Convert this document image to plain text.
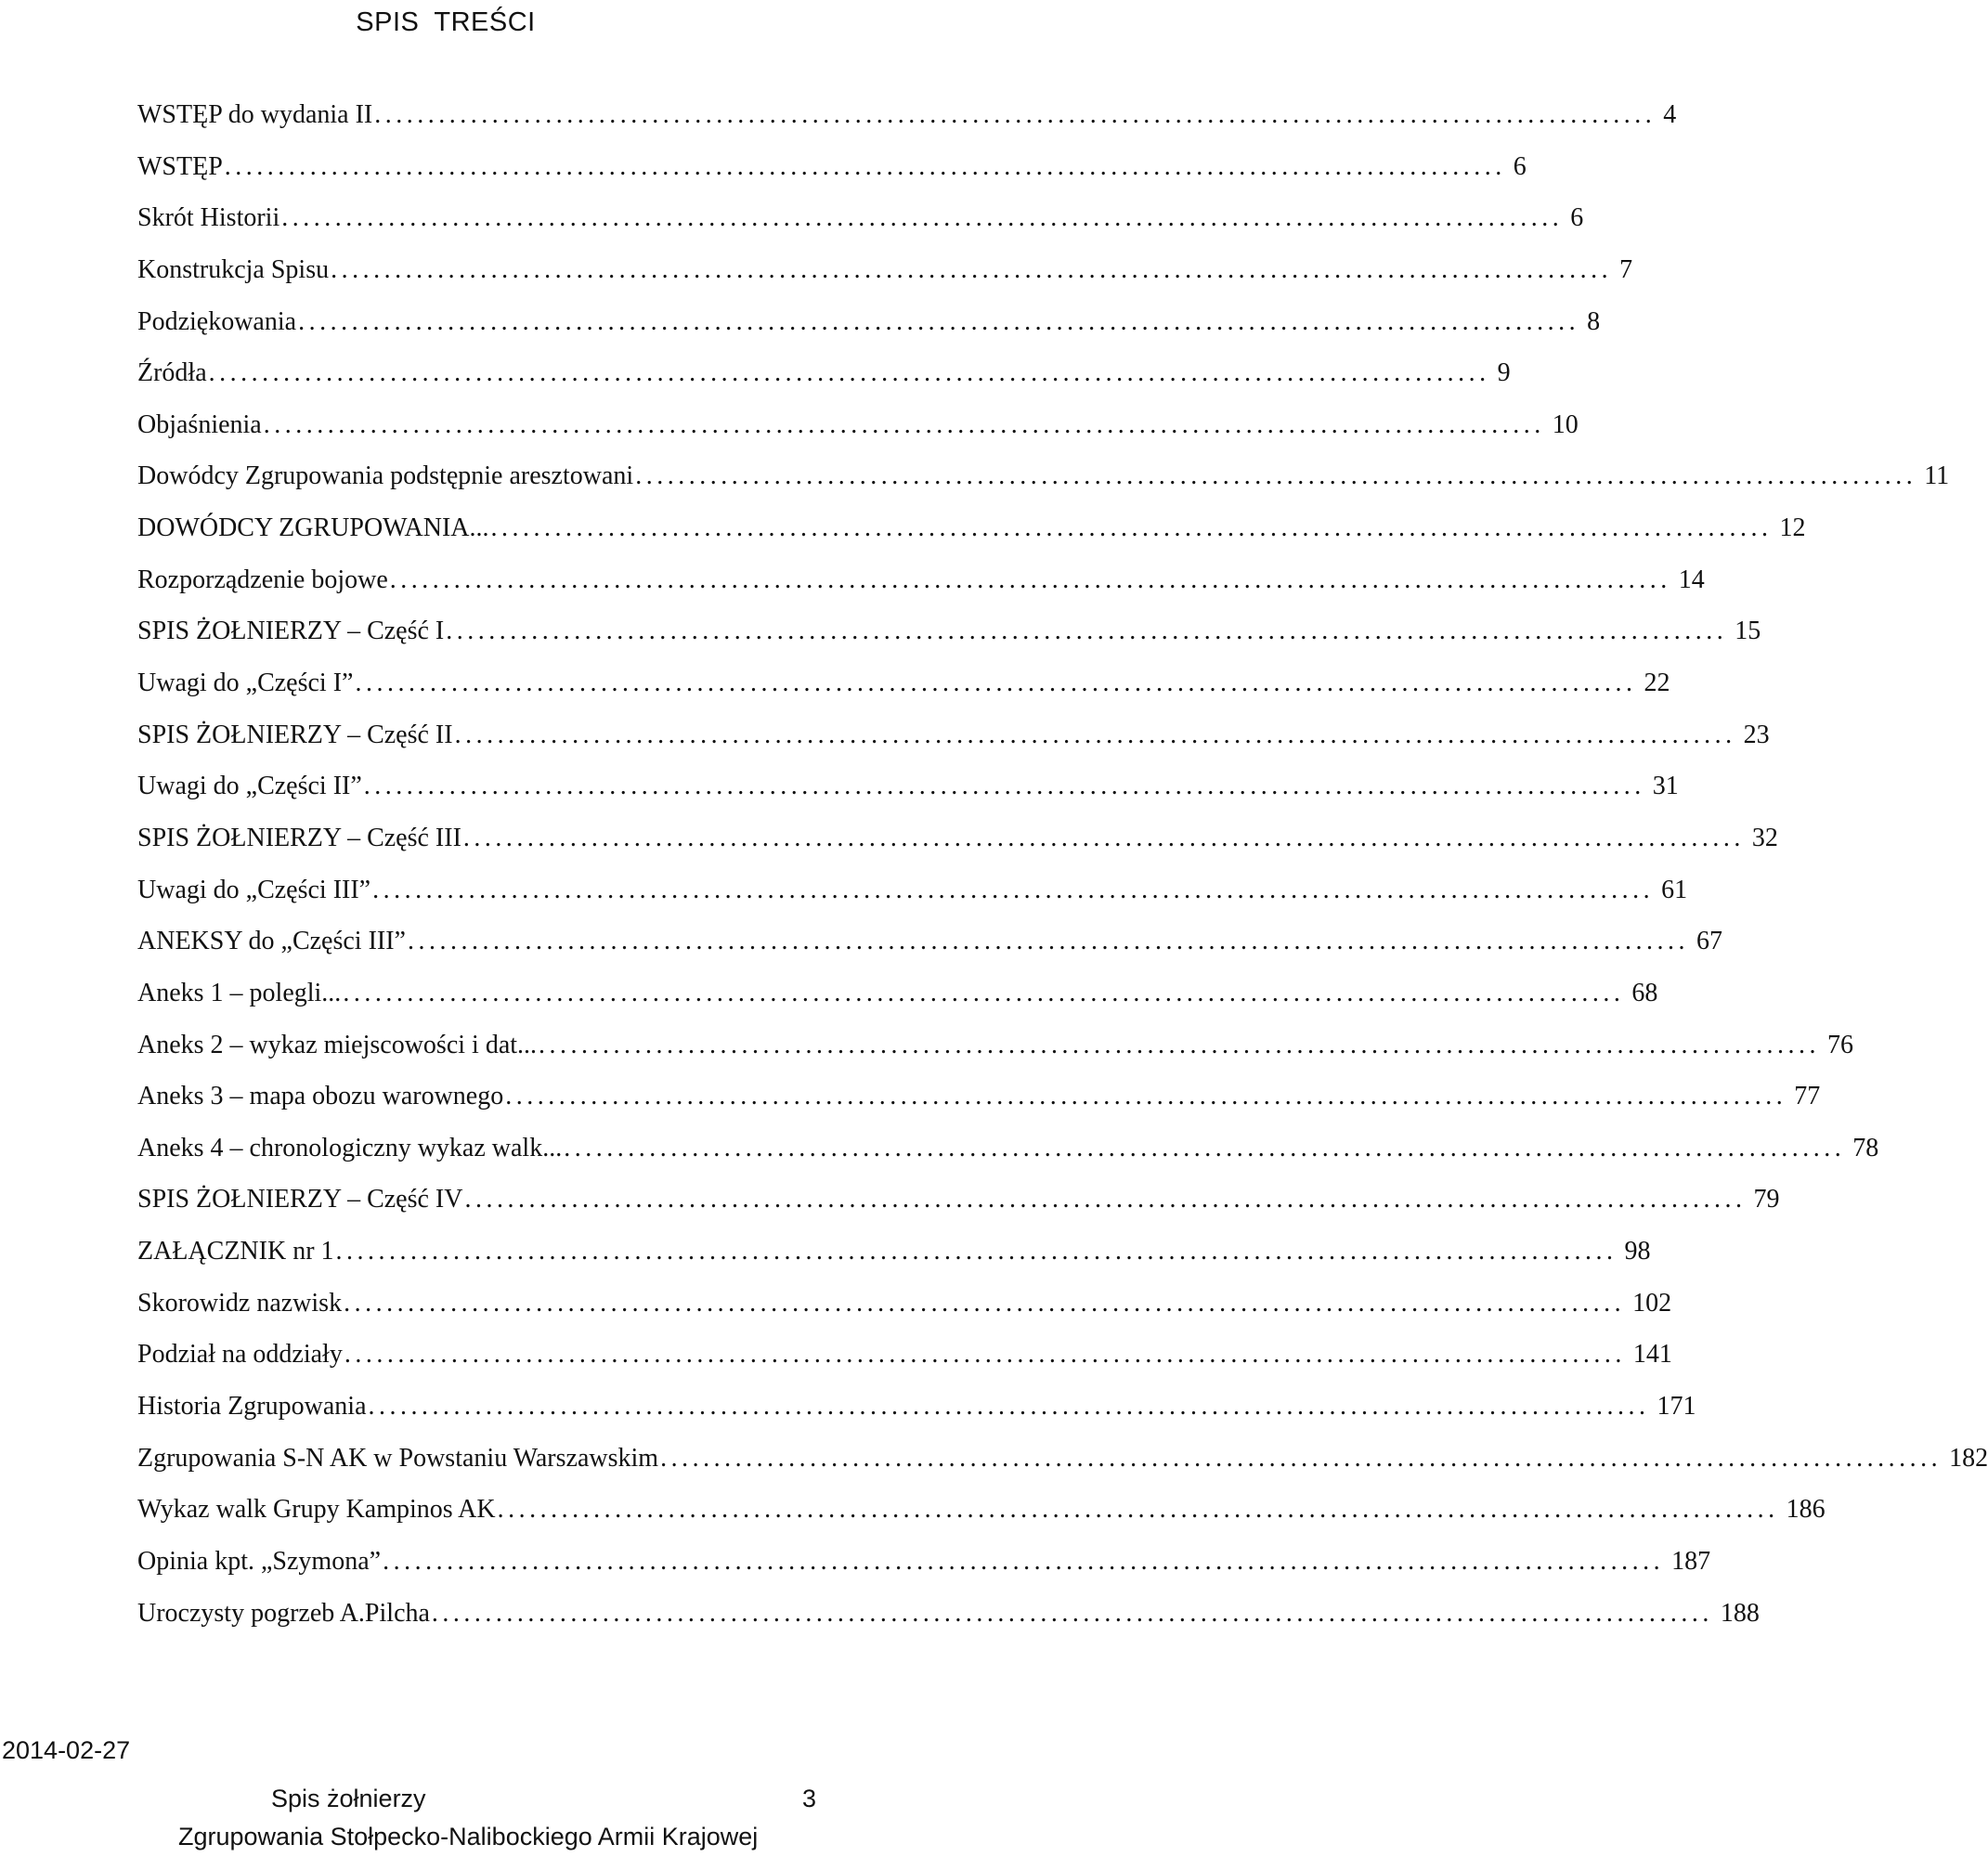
SPIS TREŚCI
WSTĘP do wydania II ........................................................................................................................ 4
WSTĘP ........................................................................................................................ 6
Skrót Historii ........................................................................................................................ 6
Konstrukcja Spisu ........................................................................................................................ 7
Podziękowania ........................................................................................................................ 8
Źródła ........................................................................................................................ 9
Objaśnienia ........................................................................................................................ 10
Dowódcy Zgrupowania podstępnie aresztowani ........................................................................................................................ 11
DOWÓDCY ZGRUPOWANIA... ........................................................................................................................ 12
Rozporządzenie bojowe ........................................................................................................................ 14
SPIS ŻOŁNIERZY – Część I ........................................................................................................................ 15
Uwagi do „Części I” ........................................................................................................................ 22
SPIS ŻOŁNIERZY – Część II ........................................................................................................................ 23
Uwagi do „Części II” ........................................................................................................................ 31
SPIS ŻOŁNIERZY – Część III ........................................................................................................................ 32
Uwagi do „Części III” ........................................................................................................................ 61
ANEKSY do „Części III” ........................................................................................................................ 67
Aneks 1 – polegli... ........................................................................................................................ 68
Aneks 2 – wykaz miejscowości i dat... ........................................................................................................................ 76
Aneks 3 – mapa obozu warownego ........................................................................................................................ 77
Aneks 4 – chronologiczny wykaz walk... ........................................................................................................................ 78
SPIS ŻOŁNIERZY – Część IV ........................................................................................................................ 79
ZAŁĄCZNIK nr 1 ........................................................................................................................ 98
Skorowidz nazwisk ........................................................................................................................ 102
Podział na oddziały ........................................................................................................................ 141
Historia Zgrupowania ........................................................................................................................ 171
Zgrupowania S-N AK w Powstaniu Warszawskim ........................................................................................................................ 182
Wykaz walk Grupy Kampinos AK ........................................................................................................................ 186
Opinia kpt. „Szymona” ........................................................................................................................ 187
Uroczysty pogrzeb A.Pilcha ........................................................................................................................ 188
2014-02-27
Spis żołnierzy	3
Zgrupowania Stołpecko-Nalibockiego Armii Krajowej
